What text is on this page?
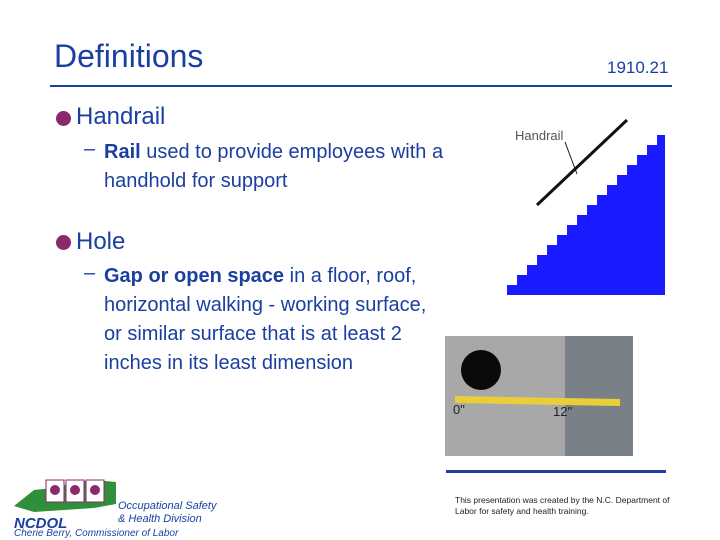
Definitions	1910.21
Handrail
– Rail used to provide employees with a handhold for support
Hole
– Gap or open space in a floor, roof, horizontal walking - working surface, or similar surface that is at least 2 inches in its least dimension
Handrail
0"	12"
This presentation was created by the N.C. Department of Labor for safety and health training.
NCDOL
Occupational Safety
& Health Division
Cherie Berry, Commissioner of Labor
